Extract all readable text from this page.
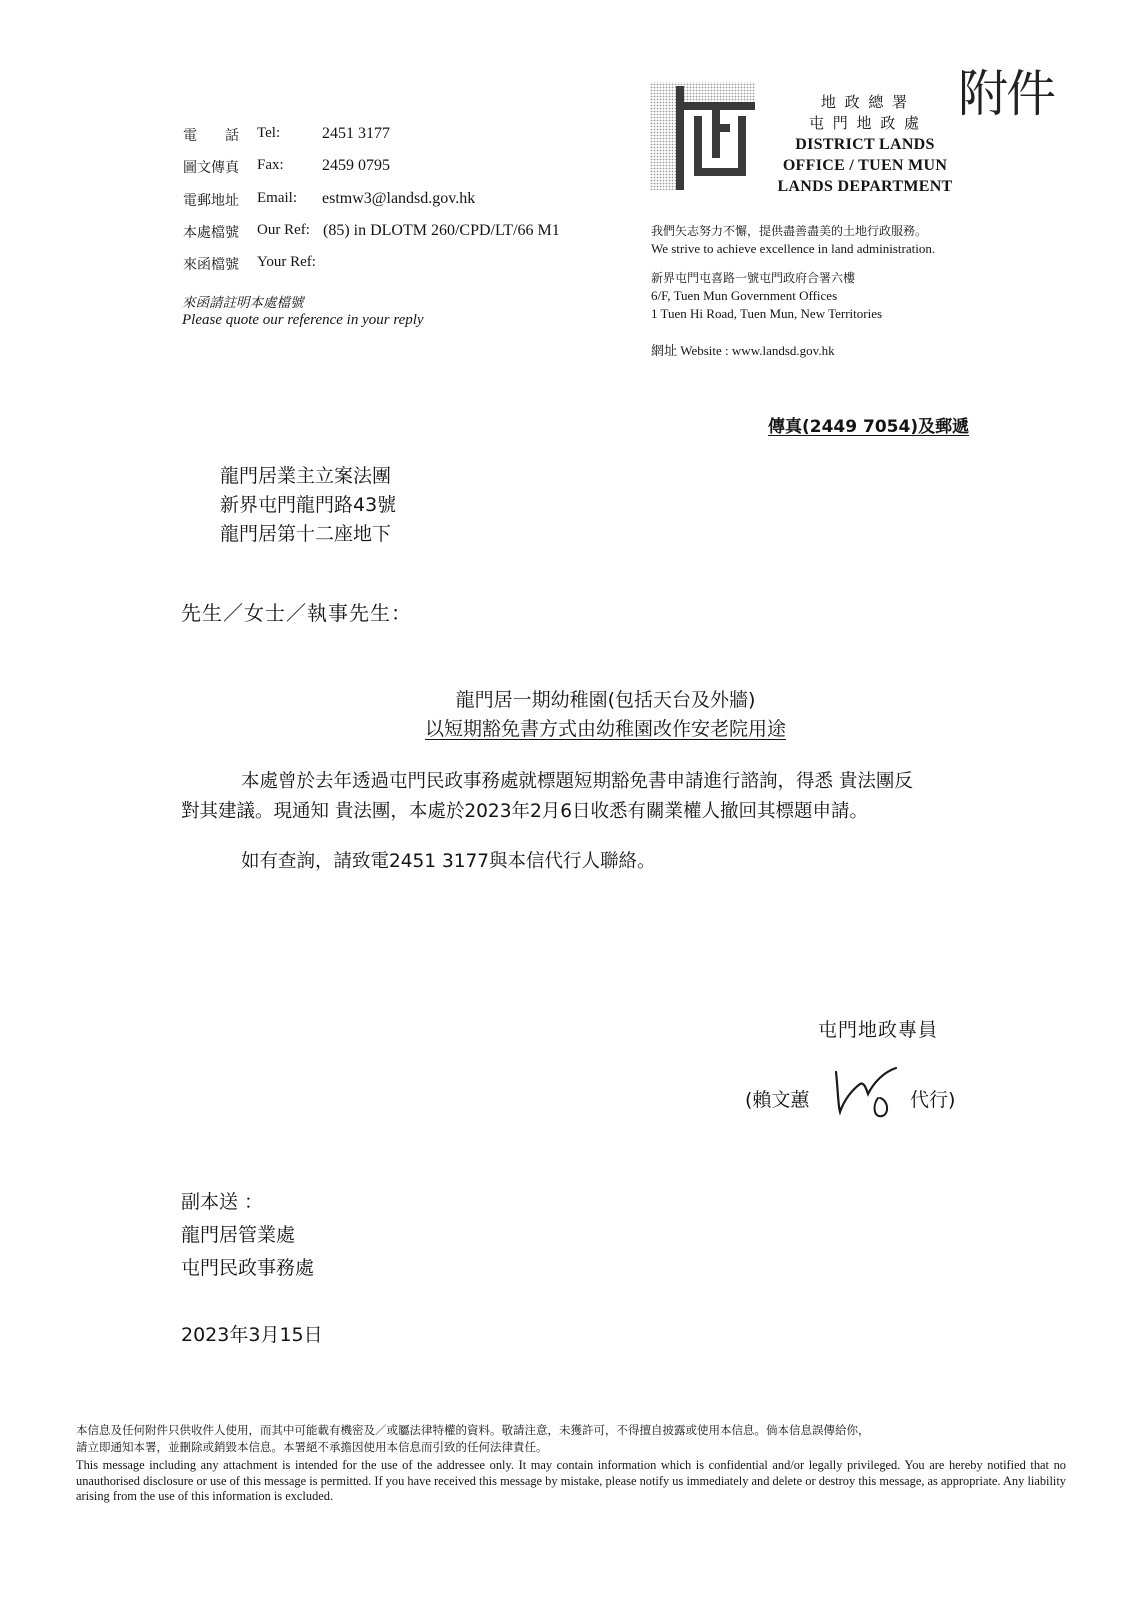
附件
電　　話	Tel:	2451 3177
圖文傳真	Fax: 2459 0795
電郵地址	Email: estmw3@landsd.gov.hk
本處檔號	Our Ref: (85) in DLOTM 260/CPD/LT/66 M1
來函檔號	Your Ref:
來函請註明本處檔號
Please quote our reference in your reply
地 政 總 署
屯 門 地 政 處
DISTRICT LANDS
OFFICE / TUEN MUN
LANDS DEPARTMENT
我們矢志努力不懈，提供盡善盡美的土地行政服務。
We strive to achieve excellence in land administration.
新界屯門屯喜路一號屯門政府合署六樓
6/F, Tuen Mun Government Offices
1 Tuen Hi Road, Tuen Mun, New Territories
網址 Website : www.landsd.gov.hk
傳真(2449 7054)及郵遞
龍門居業主立案法團
新界屯門龍門路43號
龍門居第十二座地下
先生／女士／執事先生：
龍門居一期幼稚園(包括天台及外牆)
以短期豁免書方式由幼稚園改作安老院用途
本處曾於去年透過屯門民政事務處就標題短期豁免書申請進行諮詢，得悉 貴法團反
對其建議。現通知 貴法團，本處於2023年2月6日收悉有關業權人撤回其標題申請。
如有查詢，請致電2451 3177與本信代行人聯絡。
屯門地政專員
(賴文蕙	代行)
副本送 ：
龍門居管業處
屯門民政事務處
2023年3月15日
本信息及任何附件只供收件人使用，而其中可能載有機密及／或屬法律特權的資料。敬請注意，未獲許可，不得擅自披露或使用本信息。倘本信息誤傳給你，
請立即通知本署，並刪除或銷毀本信息。本署絕不承擔因使用本信息而引致的任何法律責任。
This message including any attachment is intended for the use of the addressee only. It may contain information which is confidential and/or legally privileged. You are hereby notified that no unauthorised disclosure or use of this message is permitted. If you have received this message by mistake, please notify us immediately and delete or destroy this message, as appropriate. Any liability arising from the use of this information is excluded.
